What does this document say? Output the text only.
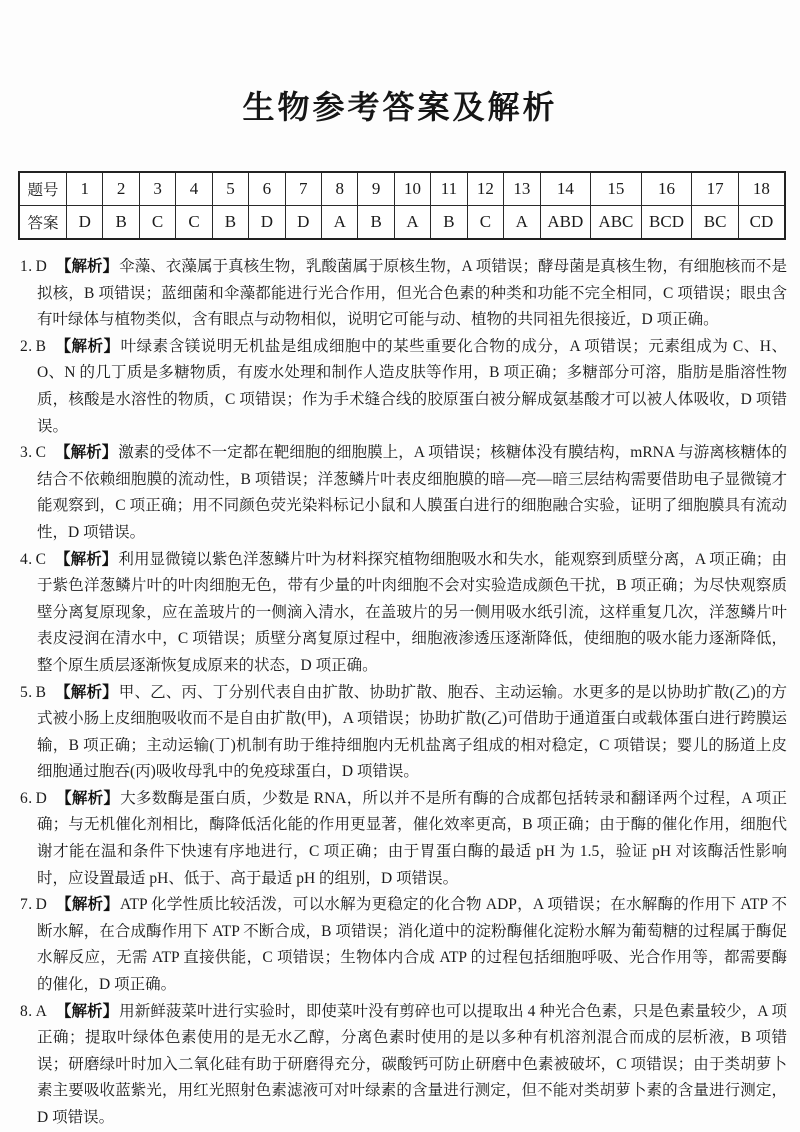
生物参考答案及解析
题号	1	2	3	4	5	6	7	8	9	10	11	12	13	14	15	16	17	18
答案	D	B	C	C	B	D	D	A	B	A	B	C	A	ABD	ABC	BCD	BC	CD

1. D 【解析】伞藻、衣藻属于真核生物，乳酸菌属于原核生物，A 项错误；酵母菌是真核生物，有细胞核而不是拟核，B 项错误；蓝细菌和伞藻都能进行光合作用，但光合色素的种类和功能不完全相同，C 项错误；眼虫含有叶绿体与植物类似，含有眼点与动物相似，说明它可能与动、植物的共同祖先很接近，D 项正确。

2. B 【解析】叶绿素含镁说明无机盐是组成细胞中的某些重要化合物的成分，A 项错误；元素组成为 C、H、O、N 的几丁质是多糖物质，有废水处理和制作人造皮肤等作用，B 项正确；多糖部分可溶，脂肪是脂溶性物质，核酸是水溶性的物质，C 项错误；作为手术缝合线的胶原蛋白被分解成氨基酸才可以被人体吸收，D 项错误。

3. C 【解析】激素的受体不一定都在靶细胞的细胞膜上，A 项错误；核糖体没有膜结构，mRNA 与游离核糖体的结合不依赖细胞膜的流动性，B 项错误；洋葱鳞片叶表皮细胞膜的暗—亮—暗三层结构需要借助电子显微镜才能观察到，C 项正确；用不同颜色荧光染料标记小鼠和人膜蛋白进行的细胞融合实验，证明了细胞膜具有流动性，D 项错误。

4. C 【解析】利用显微镜以紫色洋葱鳞片叶为材料探究植物细胞吸水和失水，能观察到质壁分离，A 项正确；由于紫色洋葱鳞片叶的叶肉细胞无色，带有少量的叶肉细胞不会对实验造成颜色干扰，B 项正确；为尽快观察质壁分离复原现象，应在盖玻片的一侧滴入清水，在盖玻片的另一侧用吸水纸引流，这样重复几次，洋葱鳞片叶表皮浸润在清水中，C 项错误；质壁分离复原过程中，细胞液渗透压逐渐降低，使细胞的吸水能力逐渐降低，整个原生质层逐渐恢复成原来的状态，D 项正确。

5. B 【解析】甲、乙、丙、丁分别代表自由扩散、协助扩散、胞吞、主动运输。水更多的是以协助扩散(乙)的方式被小肠上皮细胞吸收而不是自由扩散(甲)，A 项错误；协助扩散(乙)可借助于通道蛋白或载体蛋白进行跨膜运输，B 项正确；主动运输(丁)机制有助于维持细胞内无机盐离子组成的相对稳定，C 项错误；婴儿的肠道上皮细胞通过胞吞(丙)吸收母乳中的免疫球蛋白，D 项错误。

6. D 【解析】大多数酶是蛋白质，少数是 RNA，所以并不是所有酶的合成都包括转录和翻译两个过程，A 项正确；与无机催化剂相比，酶降低活化能的作用更显著，催化效率更高，B 项正确；由于酶的催化作用，细胞代谢才能在温和条件下快速有序地进行，C 项正确；由于胃蛋白酶的最适 pH 为 1.5，验证 pH 对该酶活性影响时，应设置最适 pH、低于、高于最适 pH 的组别，D 项错误。

7. D 【解析】ATP 化学性质比较活泼，可以水解为更稳定的化合物 ADP，A 项错误；在水解酶的作用下 ATP 不断水解，在合成酶作用下 ATP 不断合成，B 项错误；消化道中的淀粉酶催化淀粉水解为葡萄糖的过程属于酶促水解反应，无需 ATP 直接供能，C 项错误；生物体内合成 ATP 的过程包括细胞呼吸、光合作用等，都需要酶的催化，D 项正确。

8. A 【解析】用新鲜菠菜叶进行实验时，即使菜叶没有剪碎也可以提取出 4 种光合色素，只是色素量较少，A 项正确；提取叶绿体色素使用的是无水乙醇，分离色素时使用的是以多种有机溶剂混合而成的层析液，B 项错误；研磨绿叶时加入二氧化硅有助于研磨得充分，碳酸钙可防止研磨中色素被破坏，C 项错误；由于类胡萝卜素主要吸收蓝紫光，用红光照射色素滤液可对叶绿素的含量进行测定，但不能对类胡萝卜素的含量进行测定，D 项错误。
